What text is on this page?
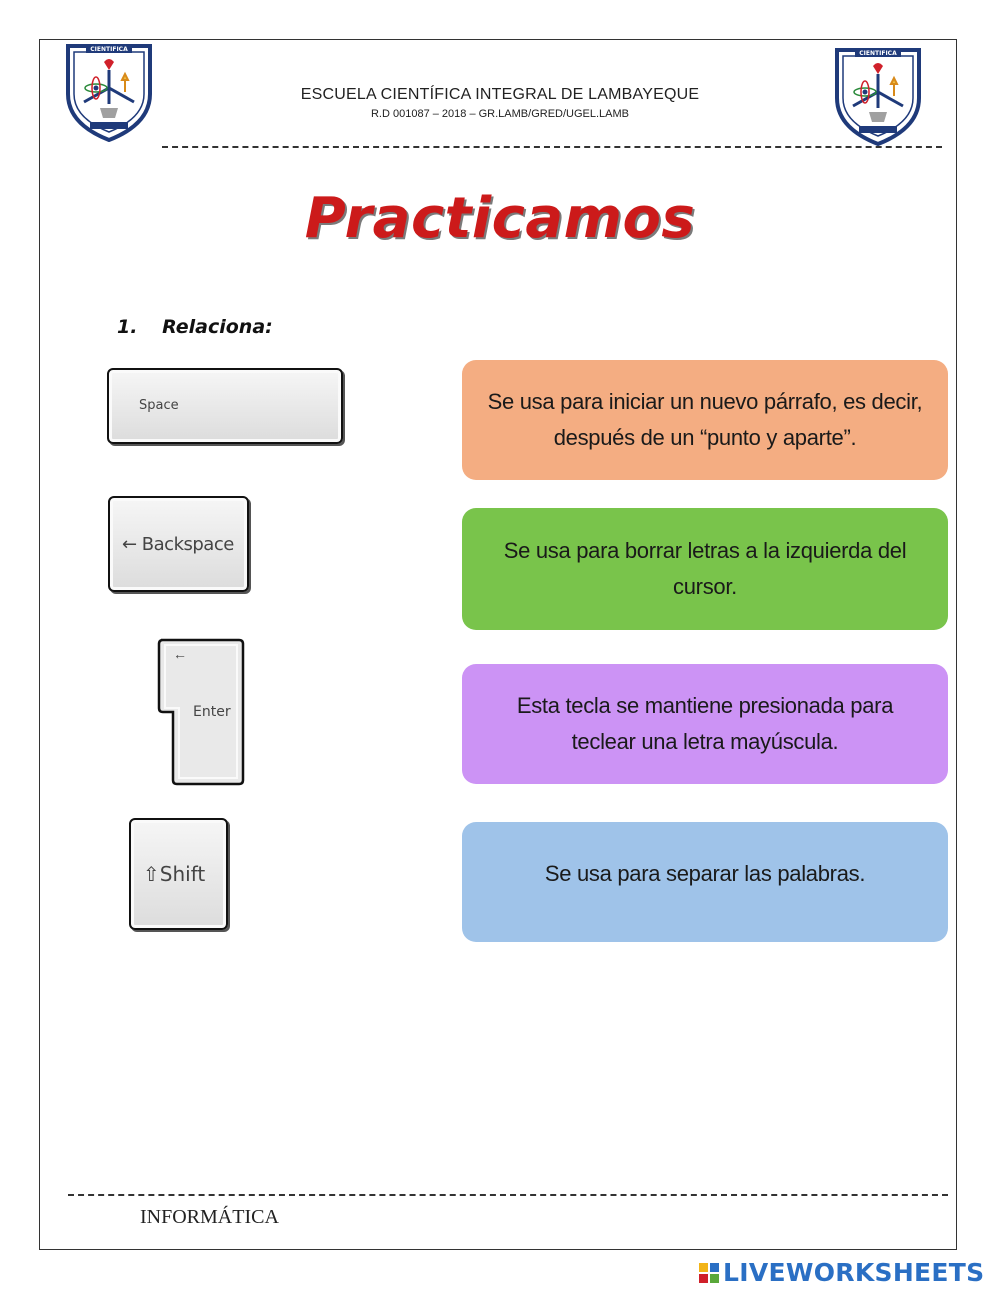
CIENTIFICA
CIENTIFICA
ESCUELA CIENTÍFICA INTEGRAL DE LAMBAYEQUE
R.D 001087 – 2018 – GR.LAMB/GRED/UGEL.LAMB
Practicamos
1. Relaciona:
Space
← Backspace
←
Enter
⇧Shift
Se usa para iniciar un nuevo párrafo, es decir, después de un “punto y aparte”.
Se usa para borrar letras a la izquierda del cursor.
Esta tecla se mantiene presionada para teclear una letra mayúscula.
Se usa para separar las palabras.
INFORMÁTICA
LIVEWORKSHEETS
